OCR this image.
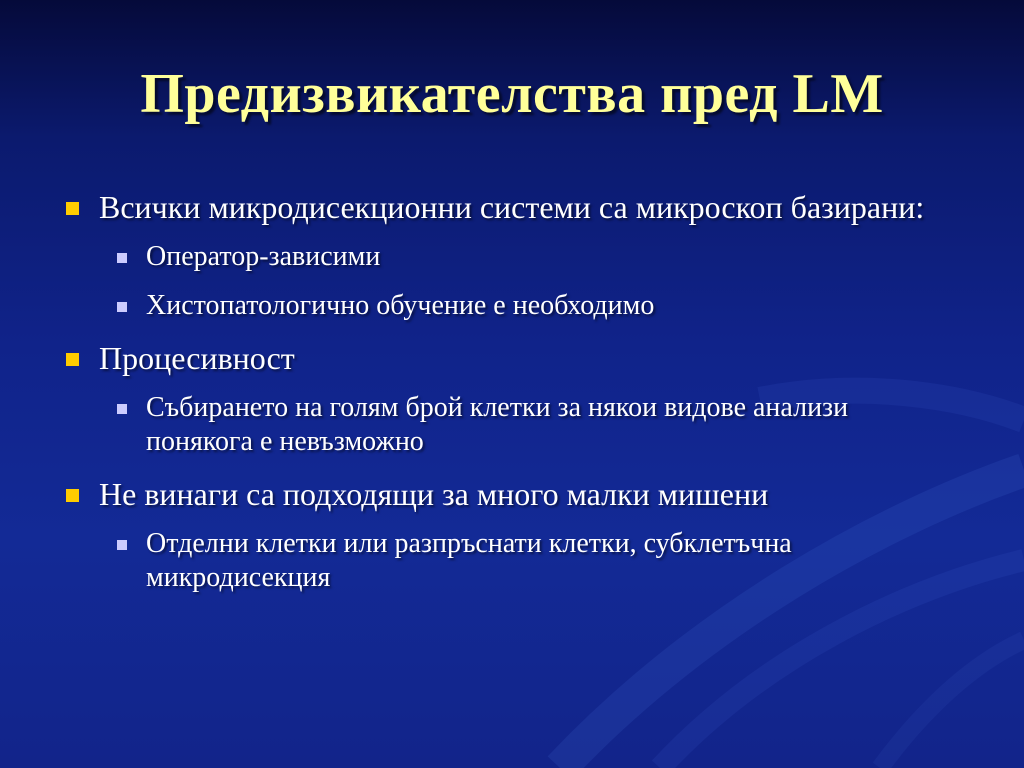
Предизвикателства пред LM
Всички микродисекционни системи са микроскоп базирани:
Оператор-зависими
Хистопатологично обучение е необходимо
Процесивност
Събирането на голям брой клетки за някои видове анализи понякога е невъзможно
Не винаги са подходящи за много малки мишени
Отделни клетки или разпръснати клетки, субклетъчна микродисекция
